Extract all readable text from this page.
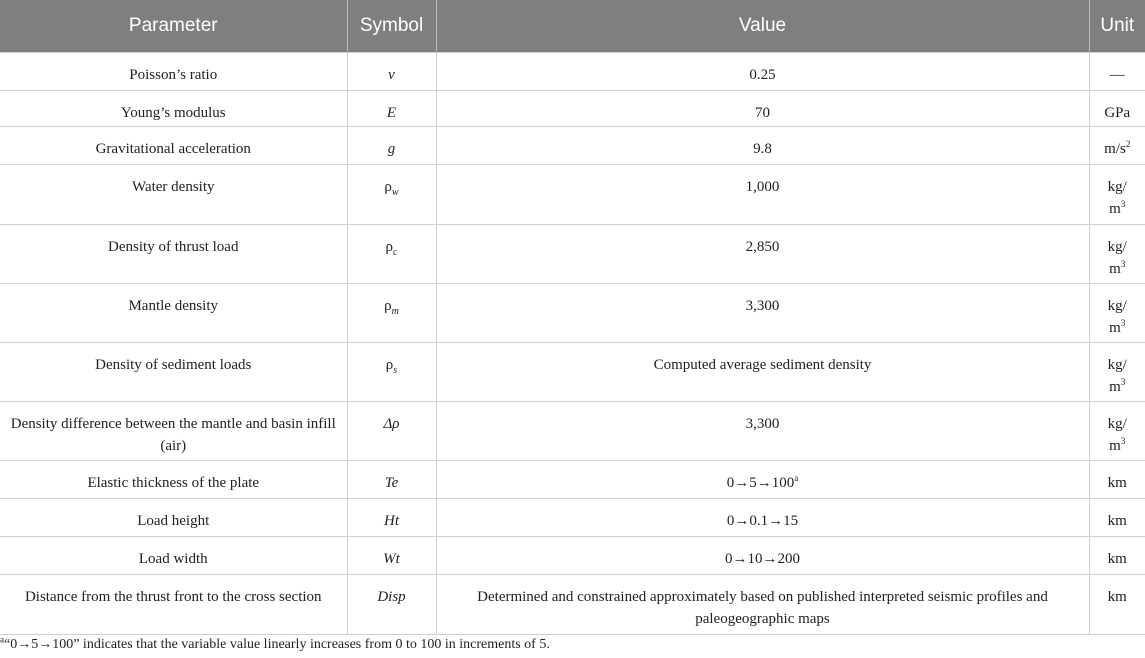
Parameter	Symbol	Value	Unit
Poisson’s ratio	v	0.25	—
Young’s modulus	E	70	GPa
Gravitational acceleration	g	9.8	$m/s^2$
Water density	$\rho_w$	1,000	kg/
$m^3$
Density of thrust load	$\rho_c$	2,850	kg/
$m^3$
Mantle density	$\rho_m$	3,300	kg/
$m^3$
Density of sediment loads	$\rho_s$	Computed average sediment density	kg/
$m^3$
Density difference between the mantle and basin infill (air)	Δρ	3,300	kg/
$m^3$
Elastic thickness of the plate	Te	$0\to 5\to 100^a$	km
Load height	Ht	0→0.1→15	km
Load width	Wt	0→10→200	km
Distance from the thrust front to the cross section	Disp	Determined and constrained approximately based on published interpreted seismic profiles and paleogeographic maps	km
$^a$“0→5→100” indicates that the variable value linearly increases from 0 to 100 in increments of 5.
